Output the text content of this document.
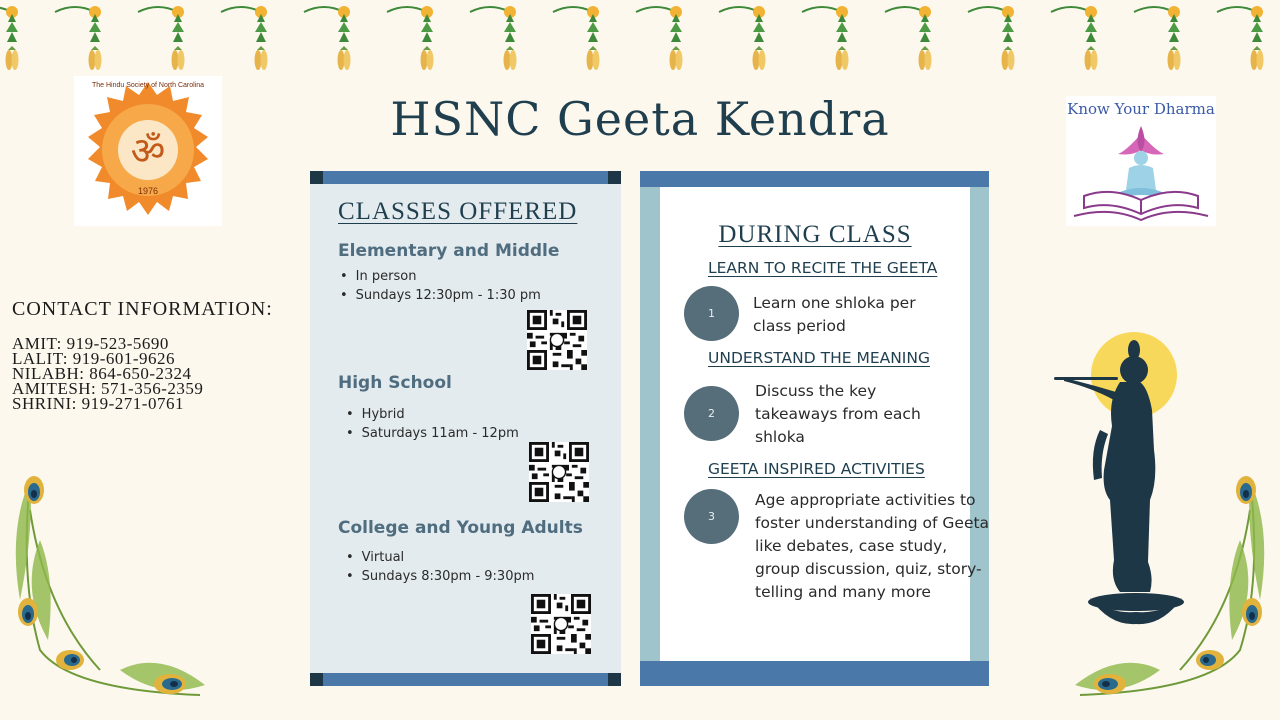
ॐ
The Hindu Society of North Carolina
1976
Know Your Dharma
HSNC Geeta Kendra
CONTACT INFORMATION:
AMIT: 919-523-5690
LALIT: 919-601-9626
NILABH: 864-650-2324
AMITESH: 571-356-2359
SHRINI: 919-271-0761
CLASSES OFFERED
Elementary and Middle
• In person
• Sundays 12:30pm - 1:30 pm
High School
• Hybrid
• Saturdays 11am - 12pm
College and Young Adults
• Virtual
• Sundays 8:30pm - 9:30pm
DURING CLASS
LEARN TO RECITE THE GEETA
1
Learn one shloka per class period
UNDERSTAND THE MEANING
2
Discuss the key takeaways from each shloka
GEETA INSPIRED ACTIVITIES
3
Age appropriate activities to foster understanding of Geeta like debates, case study, group discussion, quiz, story-telling and many more
